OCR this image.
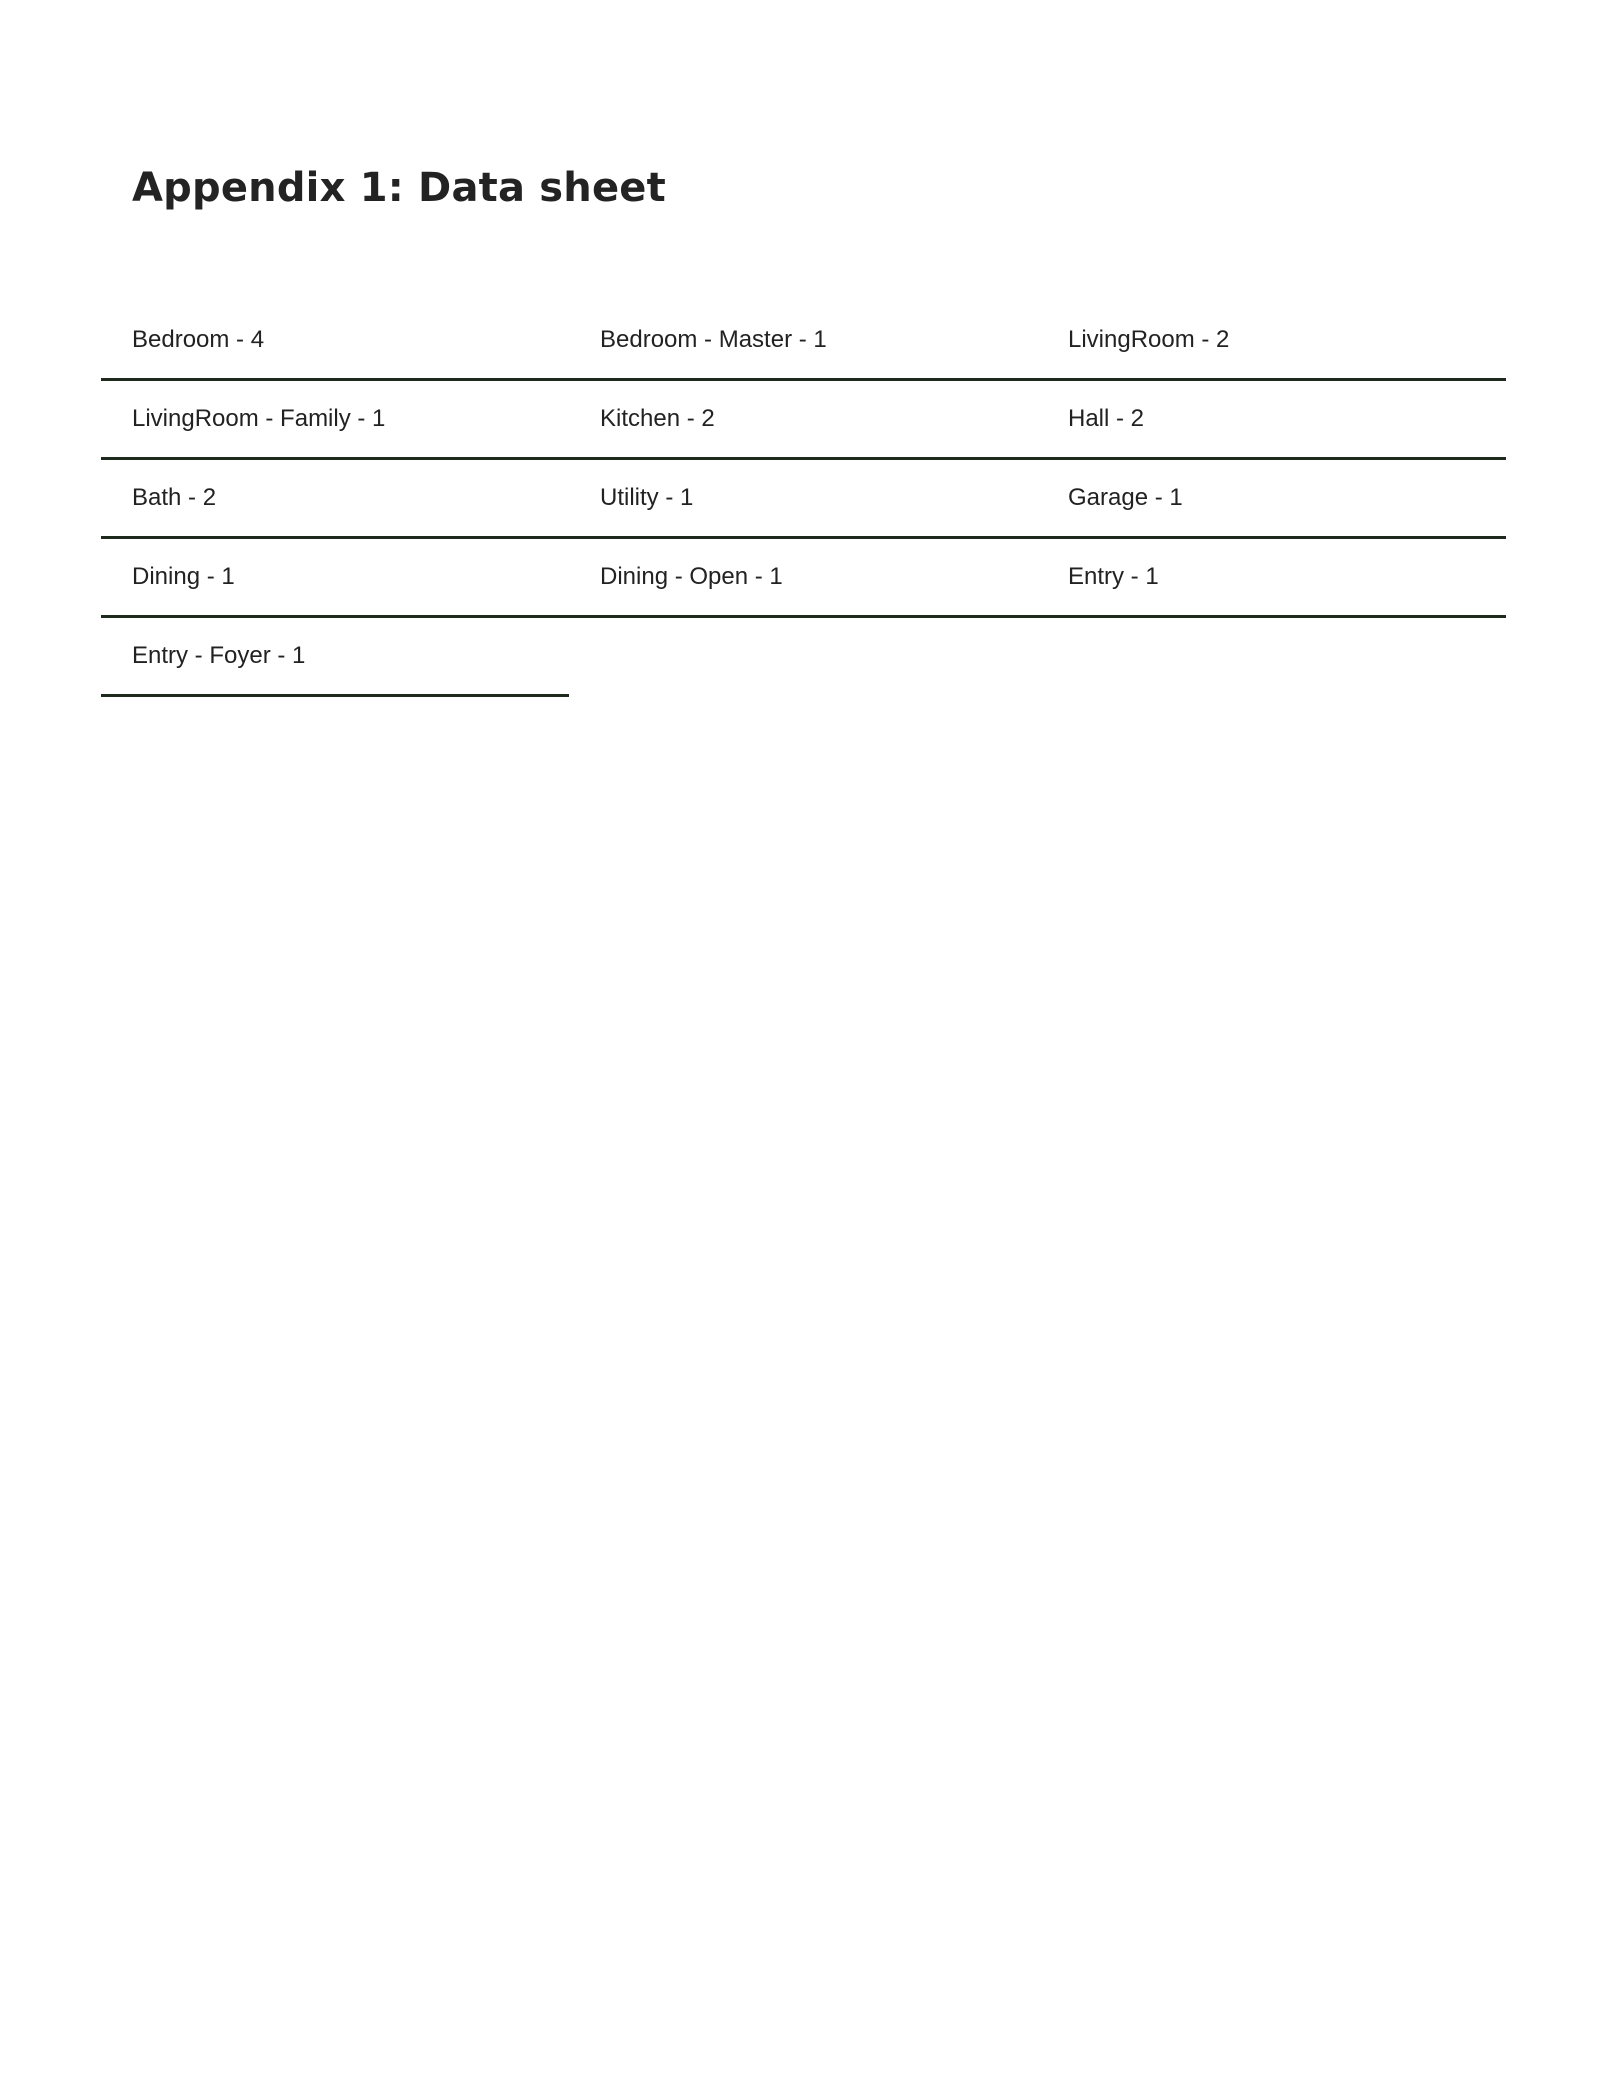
Appendix 1: Data sheet
Bedroom - 4	Bedroom - Master - 1	LivingRoom - 2
LivingRoom - Family - 1	Kitchen - 2	Hall - 2
Bath - 2	Utility - 1	Garage - 1
Dining - 1	Dining - Open - 1	Entry - 1
Entry - Foyer - 1
